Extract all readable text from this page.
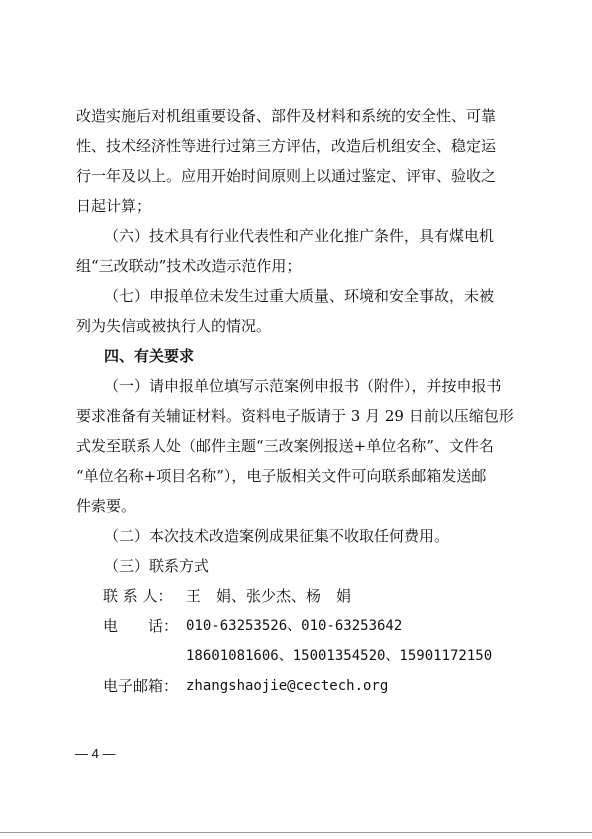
改造实施后对机组重要设备、部件及材料和系统的安全性、可靠
性、技术经济性等进行过第三方评估，改造后机组安全、稳定运
行一年及以上。应用开始时间原则上以通过鉴定、评审、验收之
日起计算；
（六）技术具有行业代表性和产业化推广条件，具有煤电机
组“三改联动”技术改造示范作用；
（七）申报单位未发生过重大质量、环境和安全事故，未被
列为失信或被执行人的情况。
四、有关要求
（一）请申报单位填写示范案例申报书（附件），并按申报书
要求准备有关辅证材料。资料电子版请于 3 月 29 日前以压缩包形
式发至联系人处（邮件主题“三改案例报送+单位名称”、文件名
“单位名称+项目名称”），电子版相关文件可向联系邮箱发送邮
件索要。
（二）本次技术改造案例成果征集不收取任何费用。
（三）联系方式
联 系 人： 王　娟、张少杰、杨　娟
电　　话： 010-63253526、010-63253642
18601081606、15001354520、15901172150
电子邮箱： zhangshaojie@cectech.org
— 4 —
